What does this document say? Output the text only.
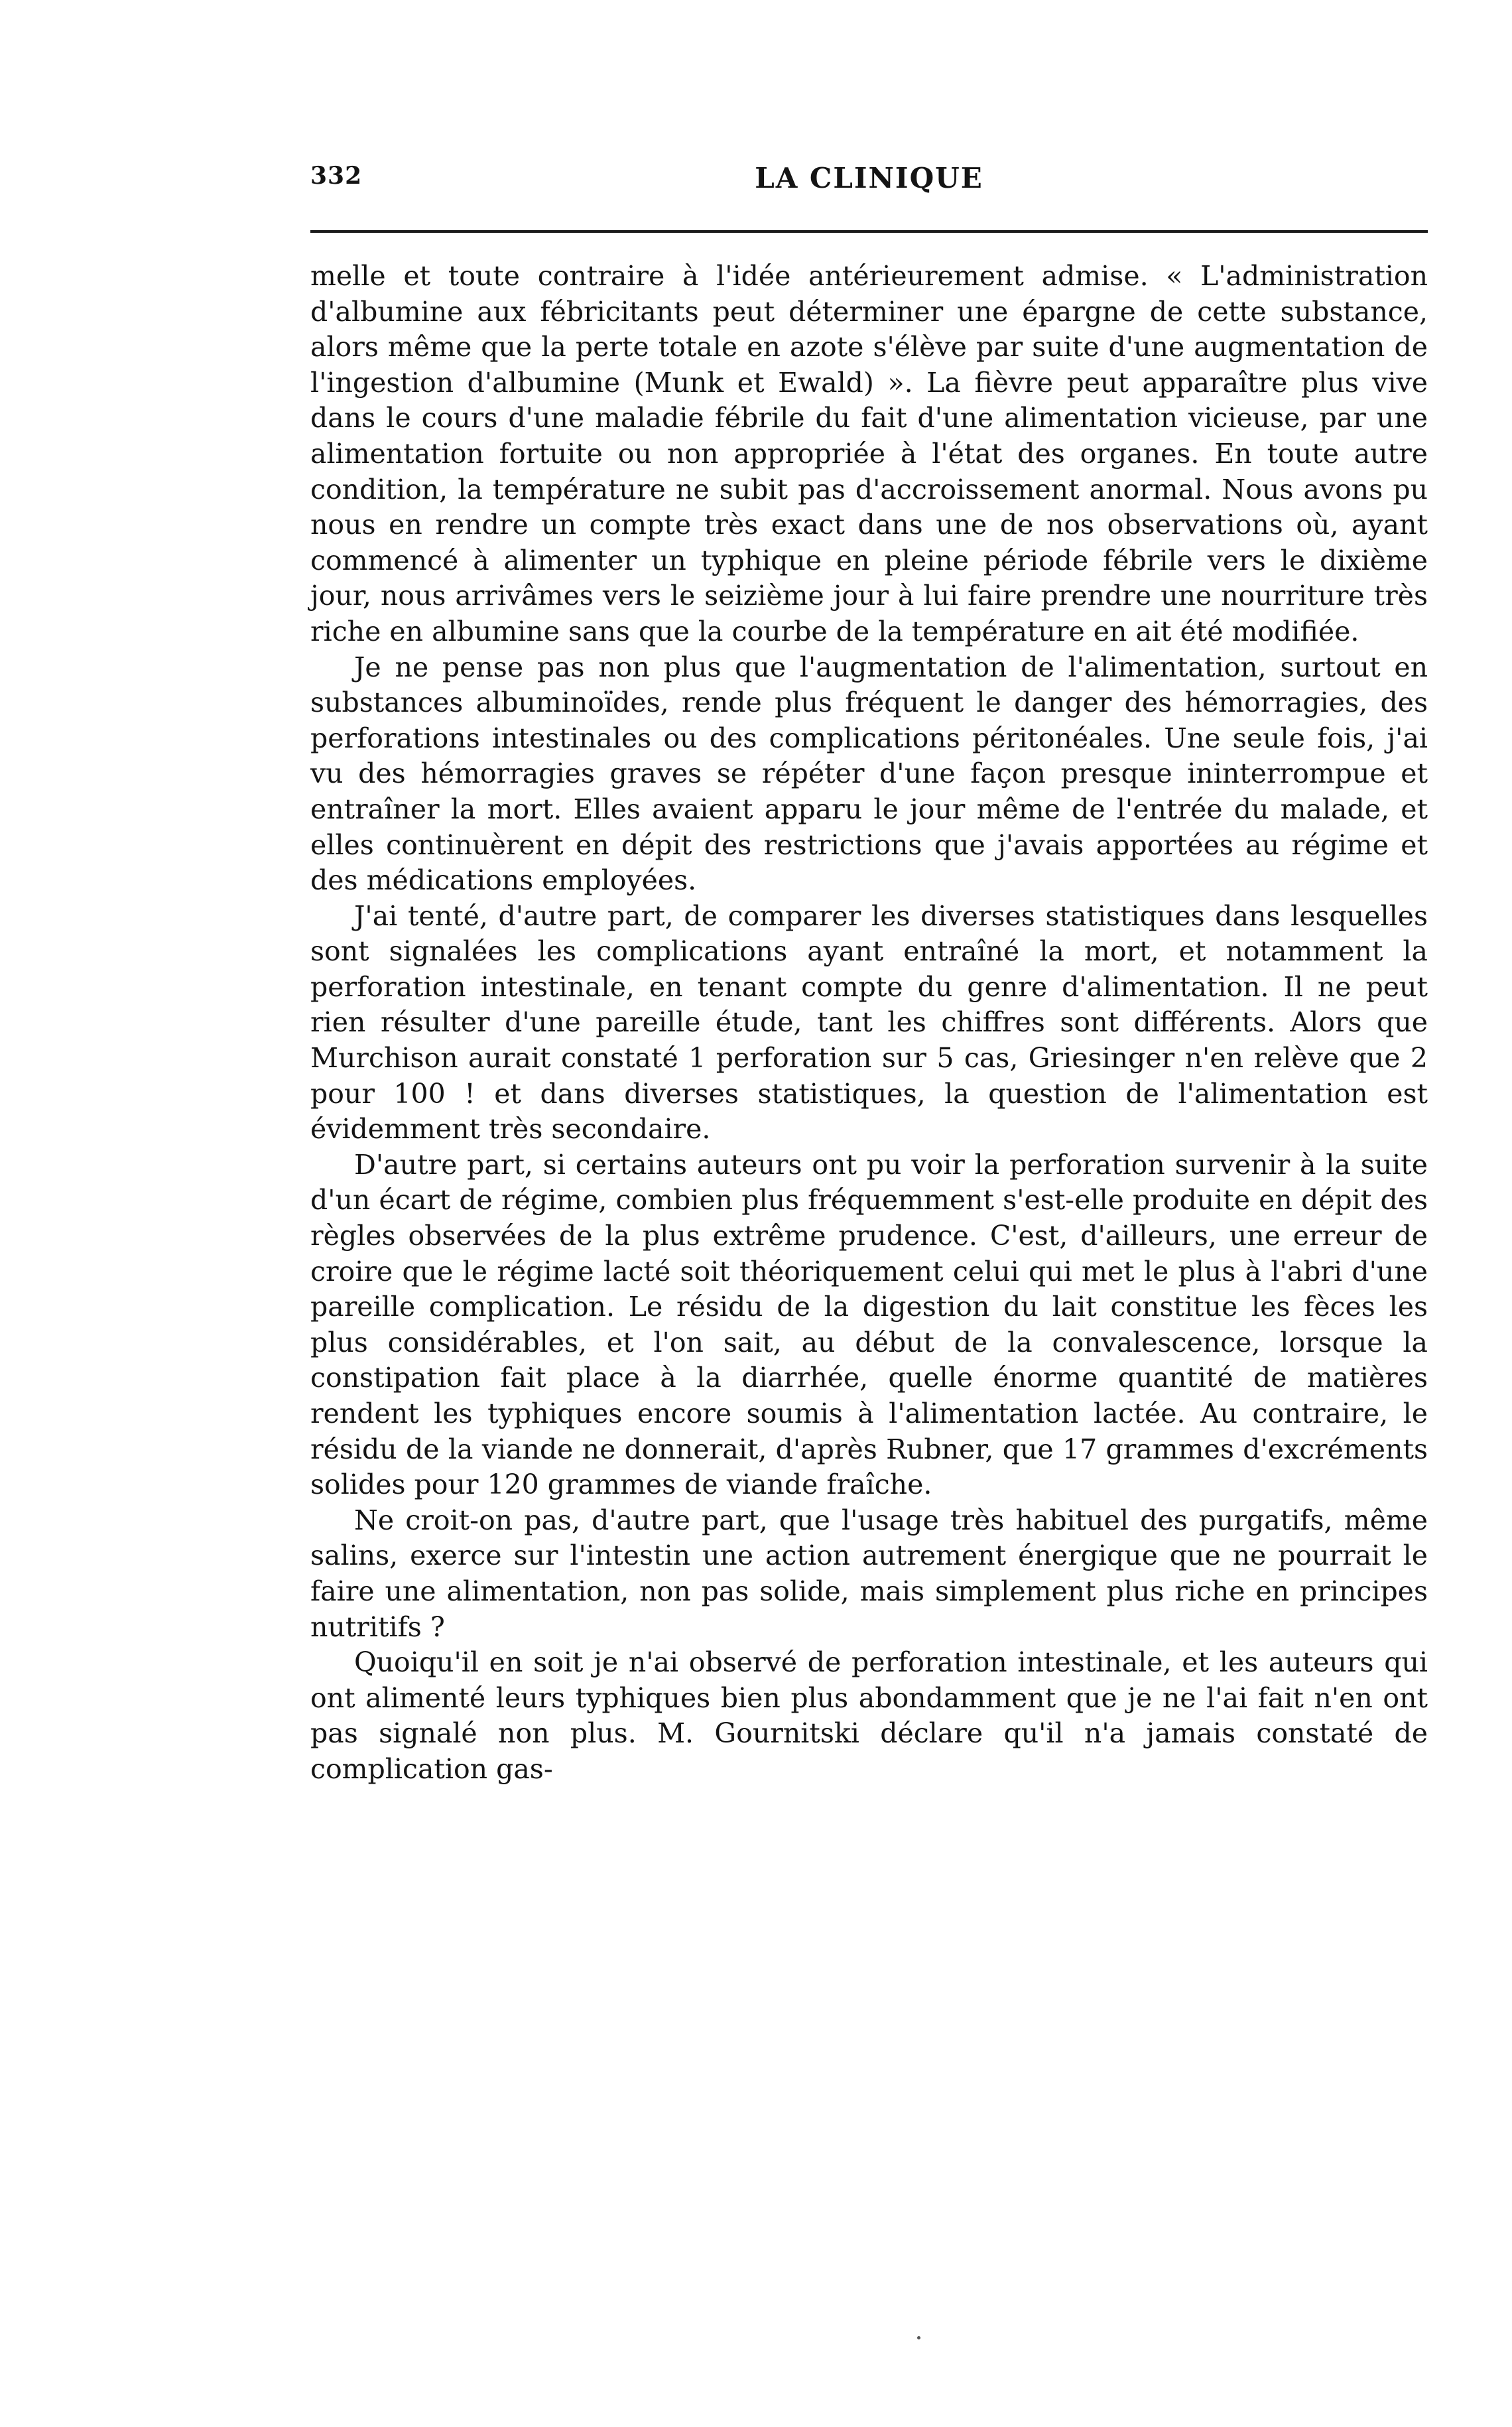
332	LA CLINIQUE

melle et toute contraire à l'idée antérieurement admise. « L'administration d'albumine aux fébricitants peut déterminer une épargne de cette substance, alors même que la perte totale en azote s'élève par suite d'une augmentation de l'ingestion d'albumine (Munk et Ewald) ». La fièvre peut apparaître plus vive dans le cours d'une maladie fébrile du fait d'une alimentation vicieuse, par une alimentation fortuite ou non appropriée à l'état des organes. En toute autre condition, la température ne subit pas d'accroissement anormal. Nous avons pu nous en rendre un compte très exact dans une de nos observations où, ayant commencé à alimenter un typhique en pleine période fébrile vers le dixième jour, nous arrivâmes vers le seizième jour à lui faire prendre une nourriture très riche en albumine sans que la courbe de la température en ait été modifiée.

Je ne pense pas non plus que l'augmentation de l'alimentation, surtout en substances albuminoïdes, rende plus fréquent le danger des hémorragies, des perforations intestinales ou des complications péritonéales. Une seule fois, j'ai vu des hémorragies graves se répéter d'une façon presque ininterrompue et entraîner la mort. Elles avaient apparu le jour même de l'entrée du malade, et elles continuèrent en dépit des restrictions que j'avais apportées au régime et des médications employées.

J'ai tenté, d'autre part, de comparer les diverses statistiques dans lesquelles sont signalées les complications ayant entraîné la mort, et notamment la perforation intestinale, en tenant compte du genre d'alimentation. Il ne peut rien résulter d'une pareille étude, tant les chiffres sont différents. Alors que Murchison aurait constaté 1 perforation sur 5 cas, Griesinger n'en relève que 2 pour 100 ! et dans diverses statistiques, la question de l'alimentation est évidemment très secondaire.

D'autre part, si certains auteurs ont pu voir la perforation survenir à la suite d'un écart de régime, combien plus fréquemment s'est-elle produite en dépit des règles observées de la plus extrême prudence. C'est, d'ailleurs, une erreur de croire que le régime lacté soit théoriquement celui qui met le plus à l'abri d'une pareille complication. Le résidu de la digestion du lait constitue les fèces les plus considérables, et l'on sait, au début de la convalescence, lorsque la constipation fait place à la diarrhée, quelle énorme quantité de matières rendent les typhiques encore soumis à l'alimentation lactée. Au contraire, le résidu de la viande ne donnerait, d'après Rubner, que 17 grammes d'excréments solides pour 120 grammes de viande fraîche.

Ne croit-on pas, d'autre part, que l'usage très habituel des purgatifs, même salins, exerce sur l'intestin une action autrement énergique que ne pourrait le faire une alimentation, non pas solide, mais simplement plus riche en principes nutritifs ?

Quoiqu'il en soit je n'ai observé de perforation intestinale, et les auteurs qui ont alimenté leurs typhiques bien plus abondamment que je ne l'ai fait n'en ont pas signalé non plus. M. Gournitski déclare qu'il n'a jamais constaté de complication gas-
